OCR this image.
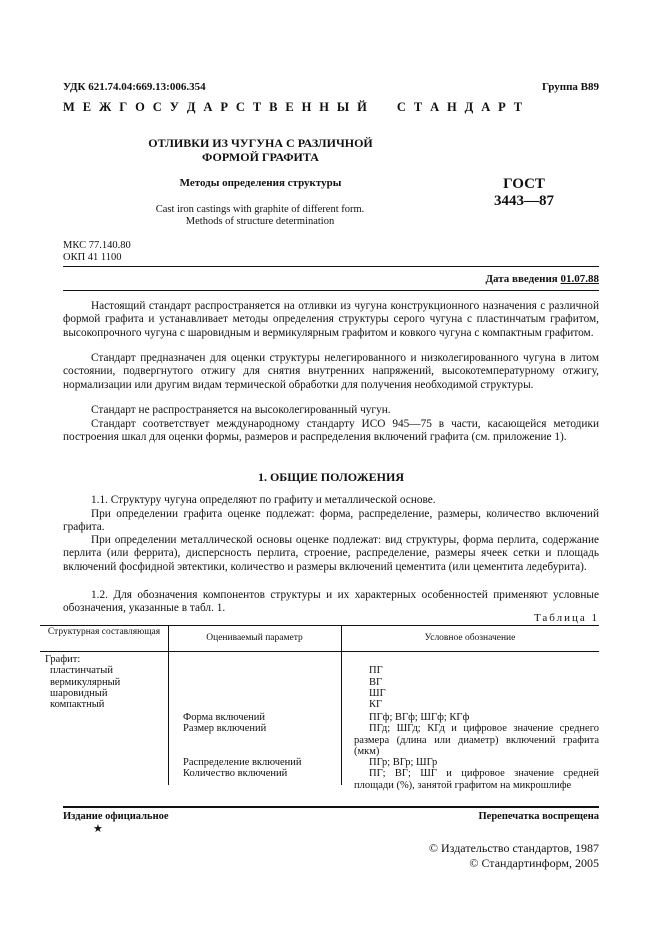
УДК 621.74.04:669.13:006.354	Группа В89
М Е Ж Г О С У Д А Р С Т В Е Н Н Ы Й     С Т А Н Д А Р Т
ОТЛИВКИ ИЗ ЧУГУНА С РАЗЛИЧНОЙ
ФОРМОЙ ГРАФИТА
Методы определения структуры
Cast iron castings with graphite of different form.
Methods of structure determination
ГОСТ
3443—87
МКС 77.140.80
ОКП 41 1100
Дата введения 01.07.88

Настоящий стандарт распространяется на отливки из чугуна конструкционного назначения с различной формой графита и устанавливает методы определения структуры серого чугуна с пластинчатым графитом, высокопрочного чугуна с шаровидным и вермикулярным графитом и ковкого чугуна с компактным графитом.

Стандарт предназначен для оценки структуры нелегированного и низколегированного чугуна в литом состоянии, подвергнутого отжигу для снятия внутренних напряжений, высокотемпературному отжигу, нормализации или другим видам термической обработки для получения необходимой структуры.

Стандарт не распространяется на высоколегированный чугун.

Стандарт соответствует международному стандарту ИСО 945—75 в части, касающейся методики построения шкал для оценки формы, размеров и распределения включений графита (см. приложение 1).

1. ОБЩИЕ ПОЛОЖЕНИЯ

1.1. Структуру чугуна определяют по графиту и металлической основе.

При определении графита оценке подлежат: форма, распределение, размеры, количество включений графита.

При определении металлической основы оценке подлежат: вид структуры, форма перлита, содержание перлита (или феррита), дисперсность перлита, строение, распределение, размеры ячеек сетки и площадь включений фосфидной эвтектики, количество и размеры включений цементита (или цементита ледебурита).

1.2. Для обозначения компонентов структуры и их характерных особенностей применяют условные обозначения, указанные в табл. 1.

Таблица 1
Структурная составляющая
Оцениваемый параметр	Условное обозначение
Графит:
пластинчатый
вермикулярный
шаровидный
компактный
Форма включений
Размер включений
Распределение включений
Количество включений
ПГ
ВГ
ШГ
КГ
ПГф; ВГф; ШГф; КГф
ПГд; ШГд; КГд и цифровое значение среднего размера (длина или диаметр) включений графита (мкм)
ПГр; ВГр; ШГр
ПГ; ВГ; ШГ и цифровое значение средней площади (%), занятой графитом на микрошлифе
Издание официальное
★
Перепечатка воспрещена
© Издательство стандартов, 1987
© Стандартинформ, 2005
